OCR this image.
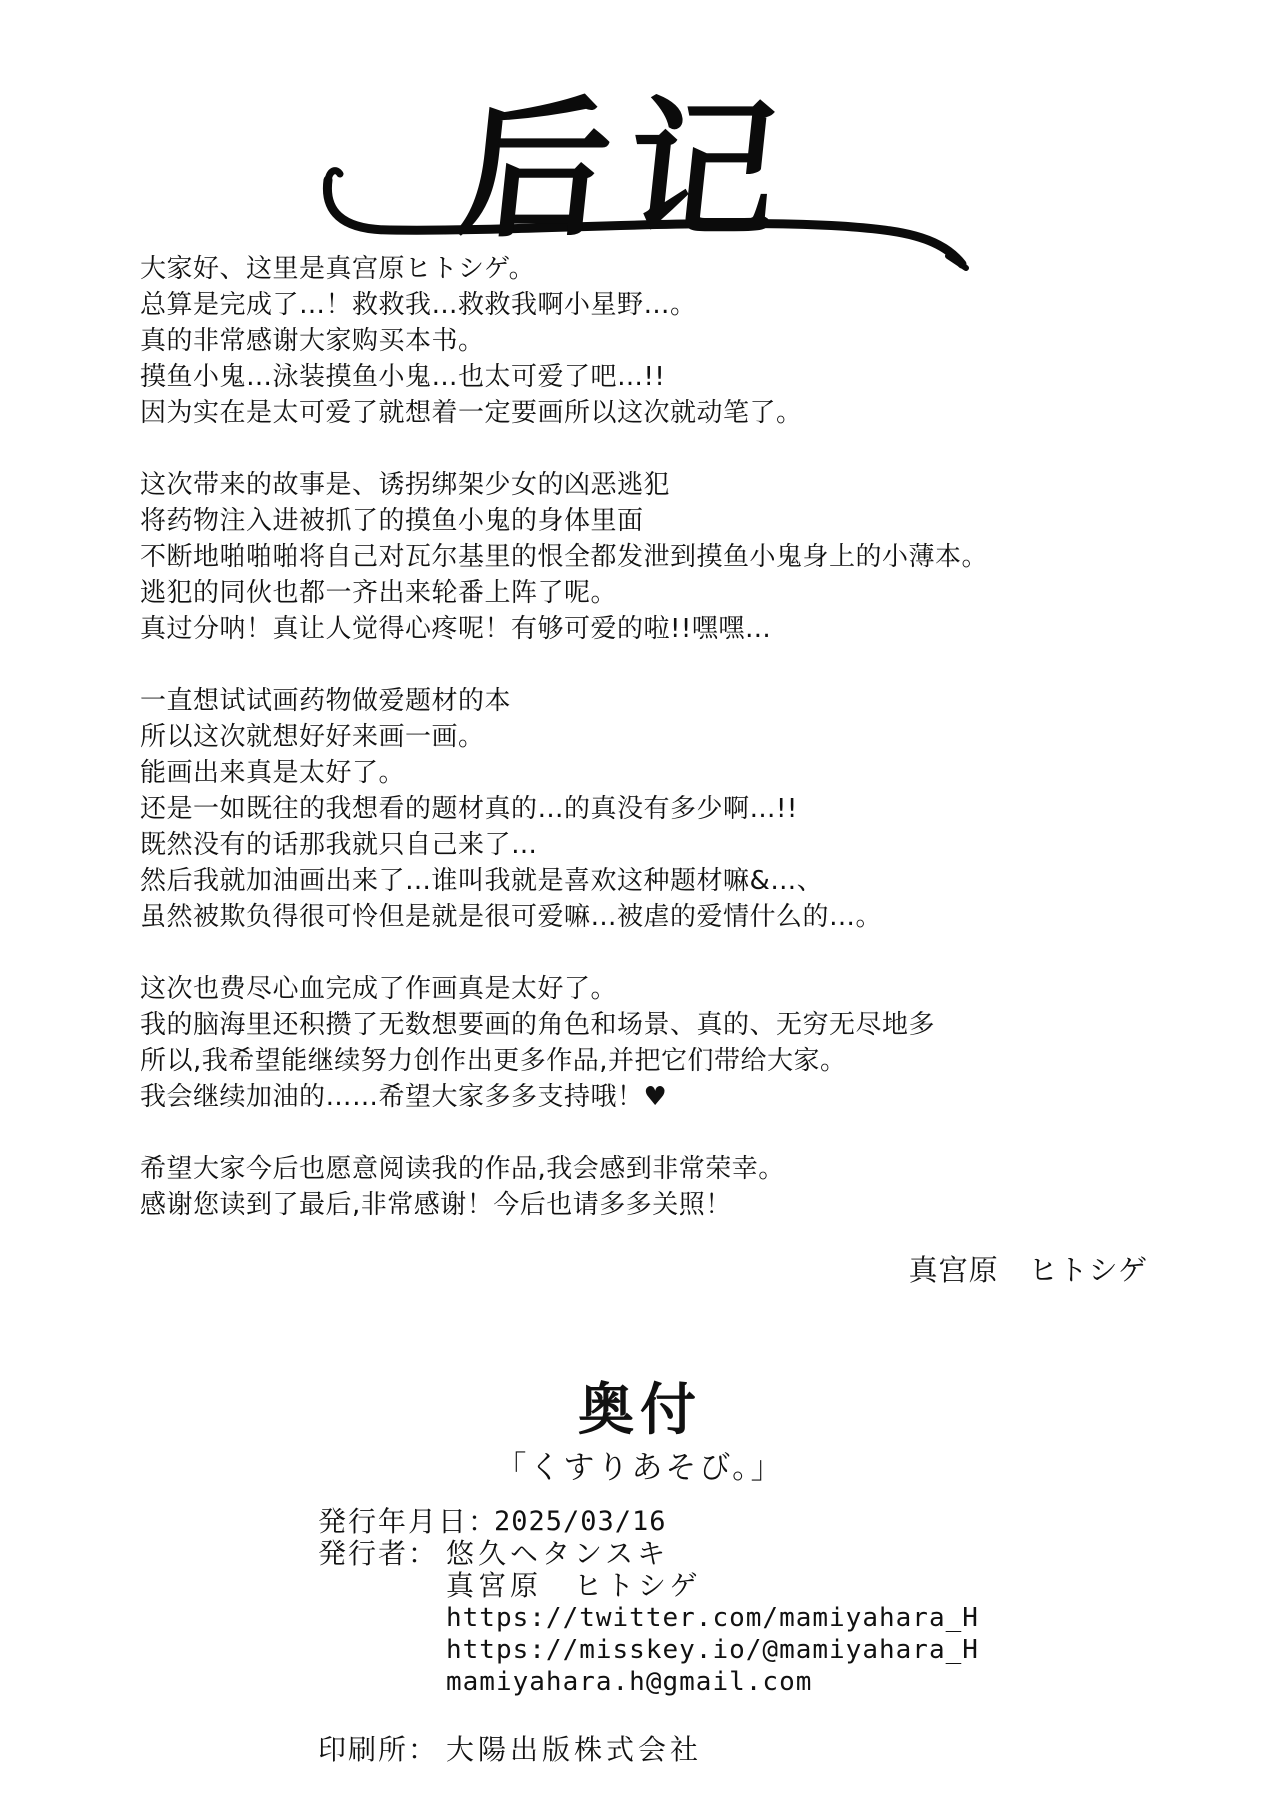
后记
大家好、这里是真宫原ヒトシゲ。
总算是完成了…！救救我…救救我啊小星野…。
真的非常感谢大家购买本书。
摸鱼小鬼…泳装摸鱼小鬼…也太可爱了吧…!!
因为实在是太可爱了就想着一定要画所以这次就动笔了。
这次带来的故事是、诱拐绑架少女的凶恶逃犯
将药物注入进被抓了的摸鱼小鬼的身体里面
不断地啪啪啪将自己对瓦尔基里的恨全都发泄到摸鱼小鬼身上的小薄本。
逃犯的同伙也都一齐出来轮番上阵了呢。
真过分呐！真让人觉得心疼呢！有够可爱的啦!!嘿嘿…
一直想试试画药物做爱题材的本
所以这次就想好好来画一画。
能画出来真是太好了。
还是一如既往的我想看的题材真的…的真没有多少啊…!!
既然没有的话那我就只自己来了…
然后我就加油画出来了…谁叫我就是喜欢这种题材嘛&…、
虽然被欺负得很可怜但是就是很可爱嘛…被虐的爱情什么的…。
这次也费尽心血完成了作画真是太好了。
我的脑海里还积攒了无数想要画的角色和场景、真的、无穷无尽地多
所以,我希望能继续努力创作出更多作品,并把它们带给大家。
我会继续加油的……希望大家多多支持哦！♥
希望大家今后也愿意阅读我的作品,我会感到非常荣幸。
感谢您读到了最后,非常感谢！今后也请多多关照！
真宫原　ヒトシゲ
奥付
「くすりあそび。」
発行年月日：
2025/03/16
発行者： 悠久ヘタンスキ
真宮原　ヒトシゲ
https://twitter.com/mamiyahara_H
https://misskey.io/@mamiyahara_H
mamiyahara.h@gmail.com
印刷所： 大陽出版株式会社
